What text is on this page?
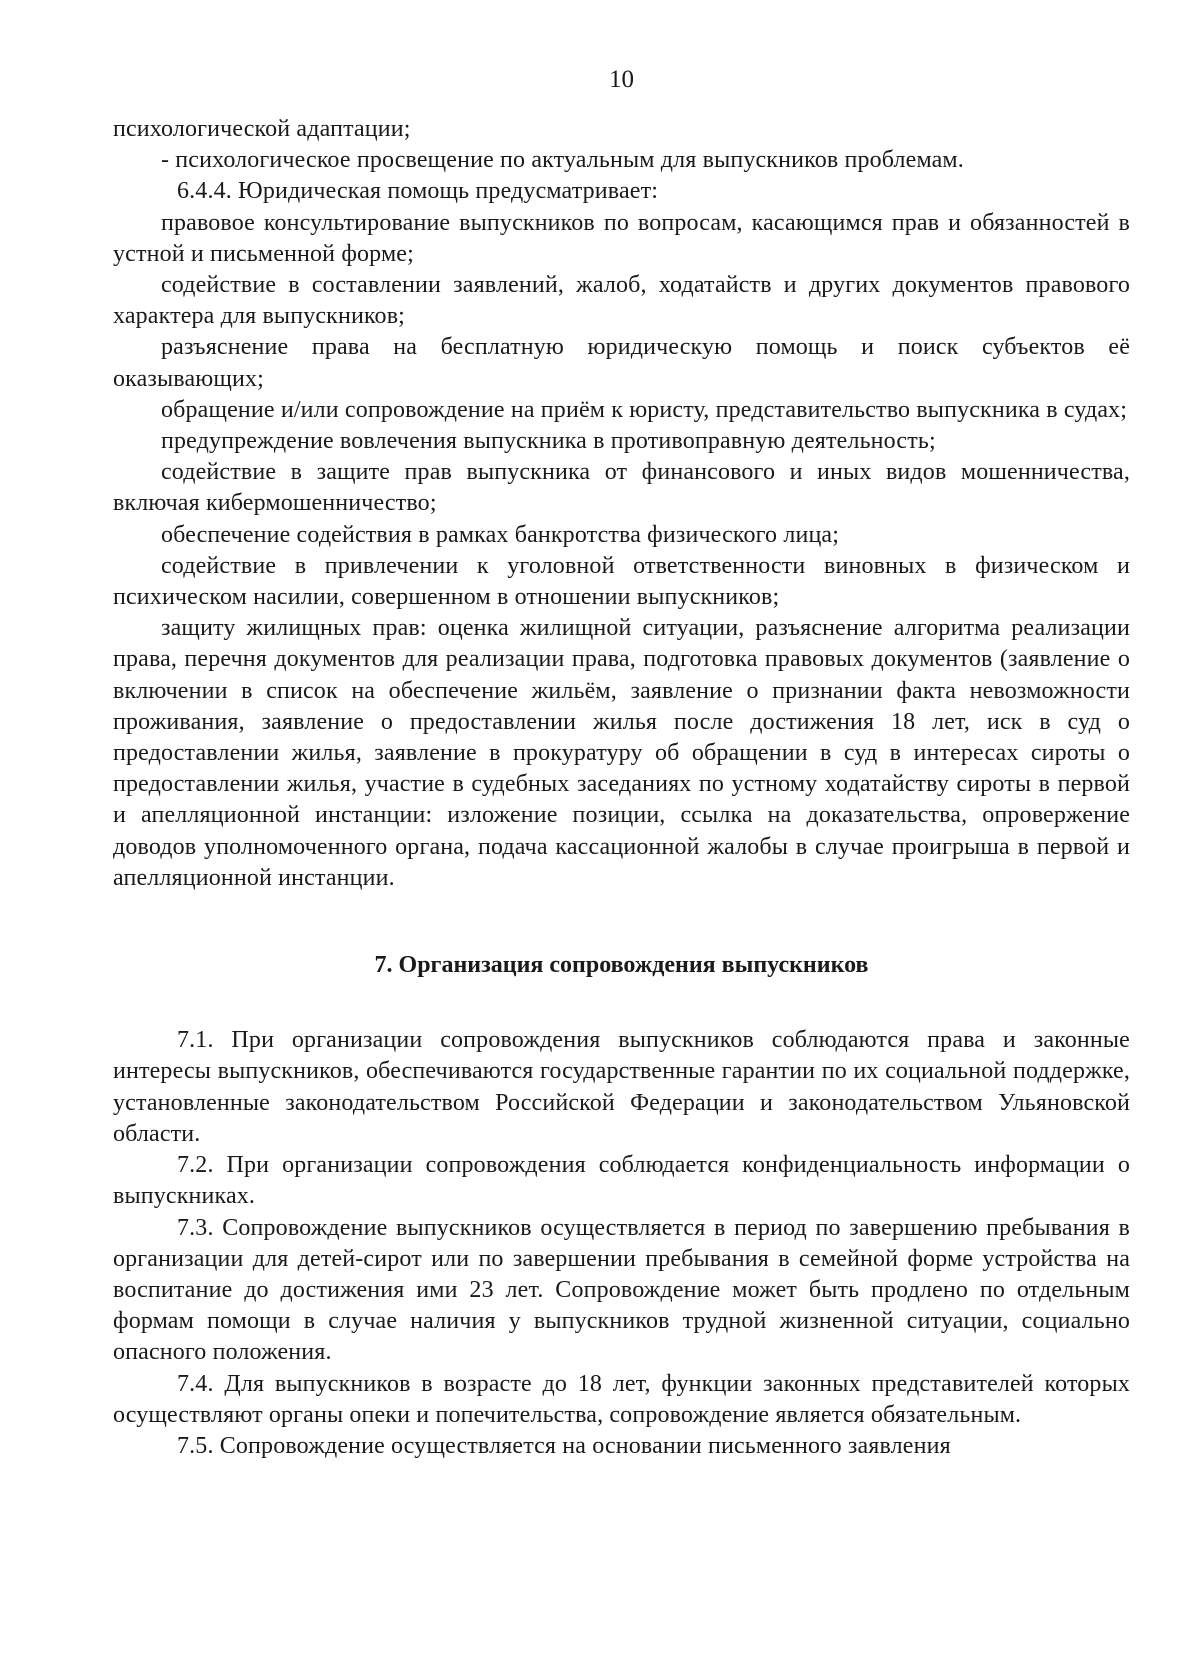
10

психологической адаптации;

- психологическое просвещение по актуальным для выпускников проблемам.

6.4.4. Юридическая помощь предусматривает:

правовое консультирование выпускников по вопросам, касающимся прав и обязанностей в устной и письменной форме;

содействие в составлении заявлений, жалоб, ходатайств и других документов правового характера для выпускников;

разъяснение права на бесплатную юридическую помощь и поиск субъектов её оказывающих;

обращение и/или сопровождение на приём к юристу, представительство выпускника в судах;

предупреждение вовлечения выпускника в противоправную деятельность;

содействие в защите прав выпускника от финансового и иных видов мошенничества, включая кибермошенничество;

обеспечение содействия в рамках банкротства физического лица;

содействие в привлечении к уголовной ответственности виновных в физическом и психическом насилии, совершенном в отношении выпускников;

защиту жилищных прав: оценка жилищной ситуации, разъяснение алгоритма реализации права, перечня документов для реализации права, подготовка правовых документов (заявление о включении в список на обеспечение жильём, заявление о признании факта невозможности проживания, заявление о предоставлении жилья после достижения 18 лет, иск в суд о предоставлении жилья, заявление в прокуратуру об обращении в суд в интересах сироты о предоставлении жилья, участие в судебных заседаниях по устному ходатайству сироты в первой и апелляционной инстанции: изложение позиции, ссылка на доказательства, опровержение доводов уполномоченного органа, подача кассационной жалобы в случае проигрыша в первой и апелляционной инстанции.

7. Организация сопровождения выпускников

7.1. При организации сопровождения выпускников соблюдаются права и законные интересы выпускников, обеспечиваются государственные гарантии по их социальной поддержке, установленные законодательством Российской Федерации и законодательством Ульяновской области.

7.2. При организации сопровождения соблюдается конфиденциальность информации о выпускниках.

7.3. Сопровождение выпускников осуществляется в период по завершению пребывания в организации для детей-сирот или по завершении пребывания в семейной форме устройства на воспитание до достижения ими 23 лет. Сопровождение может быть продлено по отдельным формам помощи в случае наличия у выпускников трудной жизненной ситуации, социально опасного положения.

7.4. Для выпускников в возрасте до 18 лет, функции законных представителей которых осуществляют органы опеки и попечительства, сопровождение является обязательным.

7.5. Сопровождение осуществляется на основании письменного заявления
